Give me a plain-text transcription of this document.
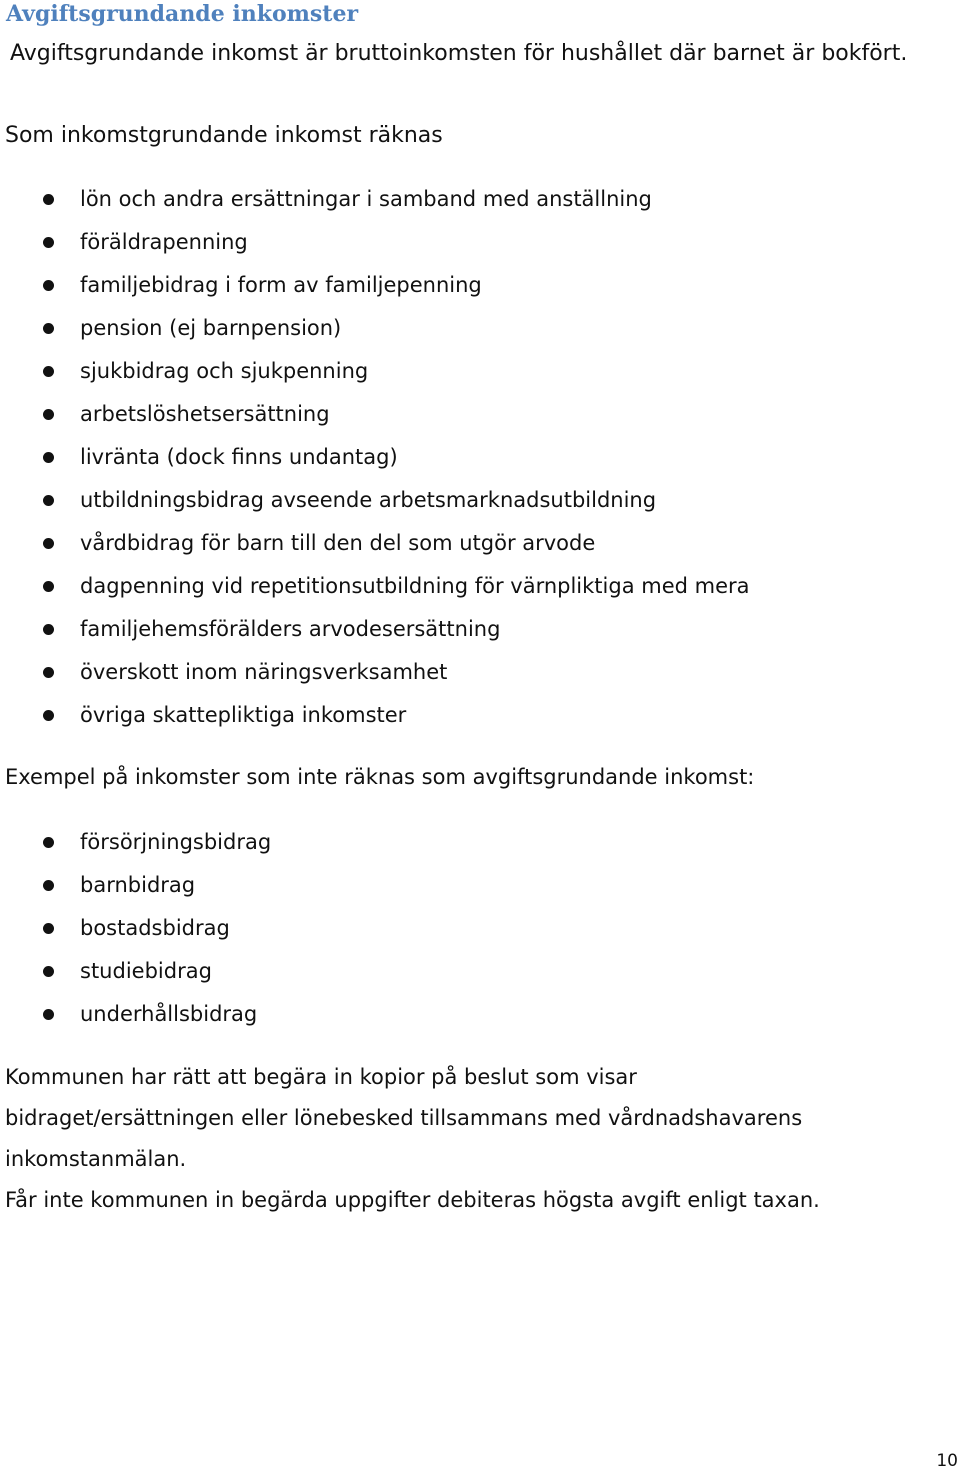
Avgiftsgrundande inkomster

Avgiftsgrundande inkomst är bruttoinkomsten för hushållet där barnet är bokfört.

Som inkomstgrundande inkomst räknas

lön och andra ersättningar i samband med anställning
föräldrapenning
familjebidrag i form av familjepenning
pension (ej barnpension)
sjukbidrag och sjukpenning
arbetslöshetsersättning
livränta (dock finns undantag)
utbildningsbidrag avseende arbetsmarknadsutbildning
vårdbidrag för barn till den del som utgör arvode
dagpenning vid repetitionsutbildning för värnpliktiga med mera
familjehemsförälders arvodesersättning
överskott inom näringsverksamhet
övriga skattepliktiga inkomster

Exempel på inkomster som inte räknas som avgiftsgrundande inkomst:

försörjningsbidrag
barnbidrag
bostadsbidrag
studiebidrag
underhållsbidrag

Kommunen har rätt att begära in kopior på beslut som visar

bidraget/ersättningen eller lönebesked tillsammans med vårdnadshavarens

inkomstanmälan.

Får inte kommunen in begärda uppgifter debiteras högsta avgift enligt taxan.

10
